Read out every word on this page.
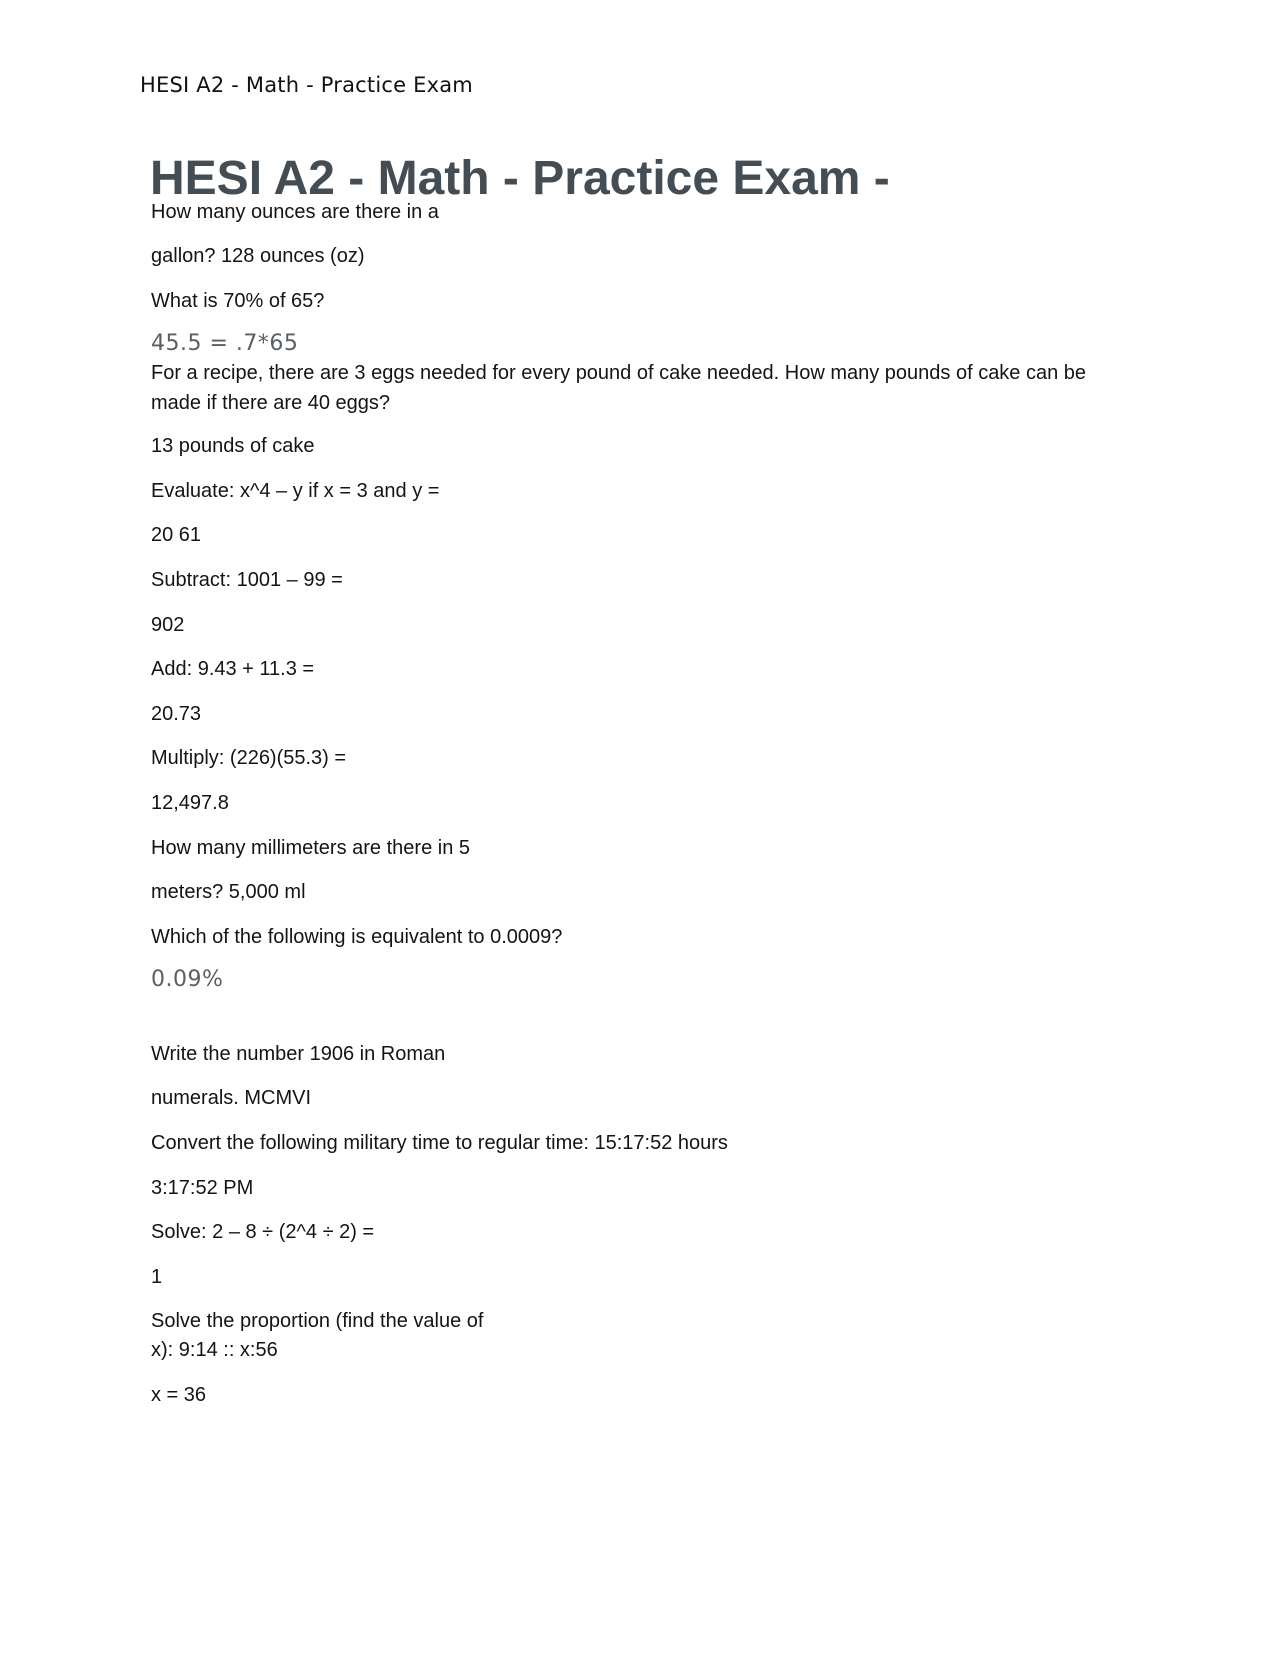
HESI A2 - Math - Practice Exam
HESI A2 - Math - Practice Exam -
How many ounces are there in a
gallon? 128 ounces (oz)
What is 70% of 65?
45.5 = .7*65
For a recipe, there are 3 eggs needed for every pound of cake needed. How many pounds of cake can be made if there are 40 eggs?
13 pounds of cake
Evaluate: x^4 – y if x = 3 and y =
20 61
Subtract: 1001 – 99 =
902
Add: 9.43 + 11.3 =
20.73
Multiply: (226)(55.3) =
12,497.8
How many millimeters are there in 5
meters? 5,000 ml
Which of the following is equivalent to 0.0009?
0.09%
Write the number 1906 in Roman
numerals. MCMVI
Convert the following military time to regular time: 15:17:52 hours
3:17:52 PM
Solve: 2 – 8 ÷ (2^4 ÷ 2) =
1
Solve the proportion (find the value of
x): 9:14 :: x:56
x = 36
